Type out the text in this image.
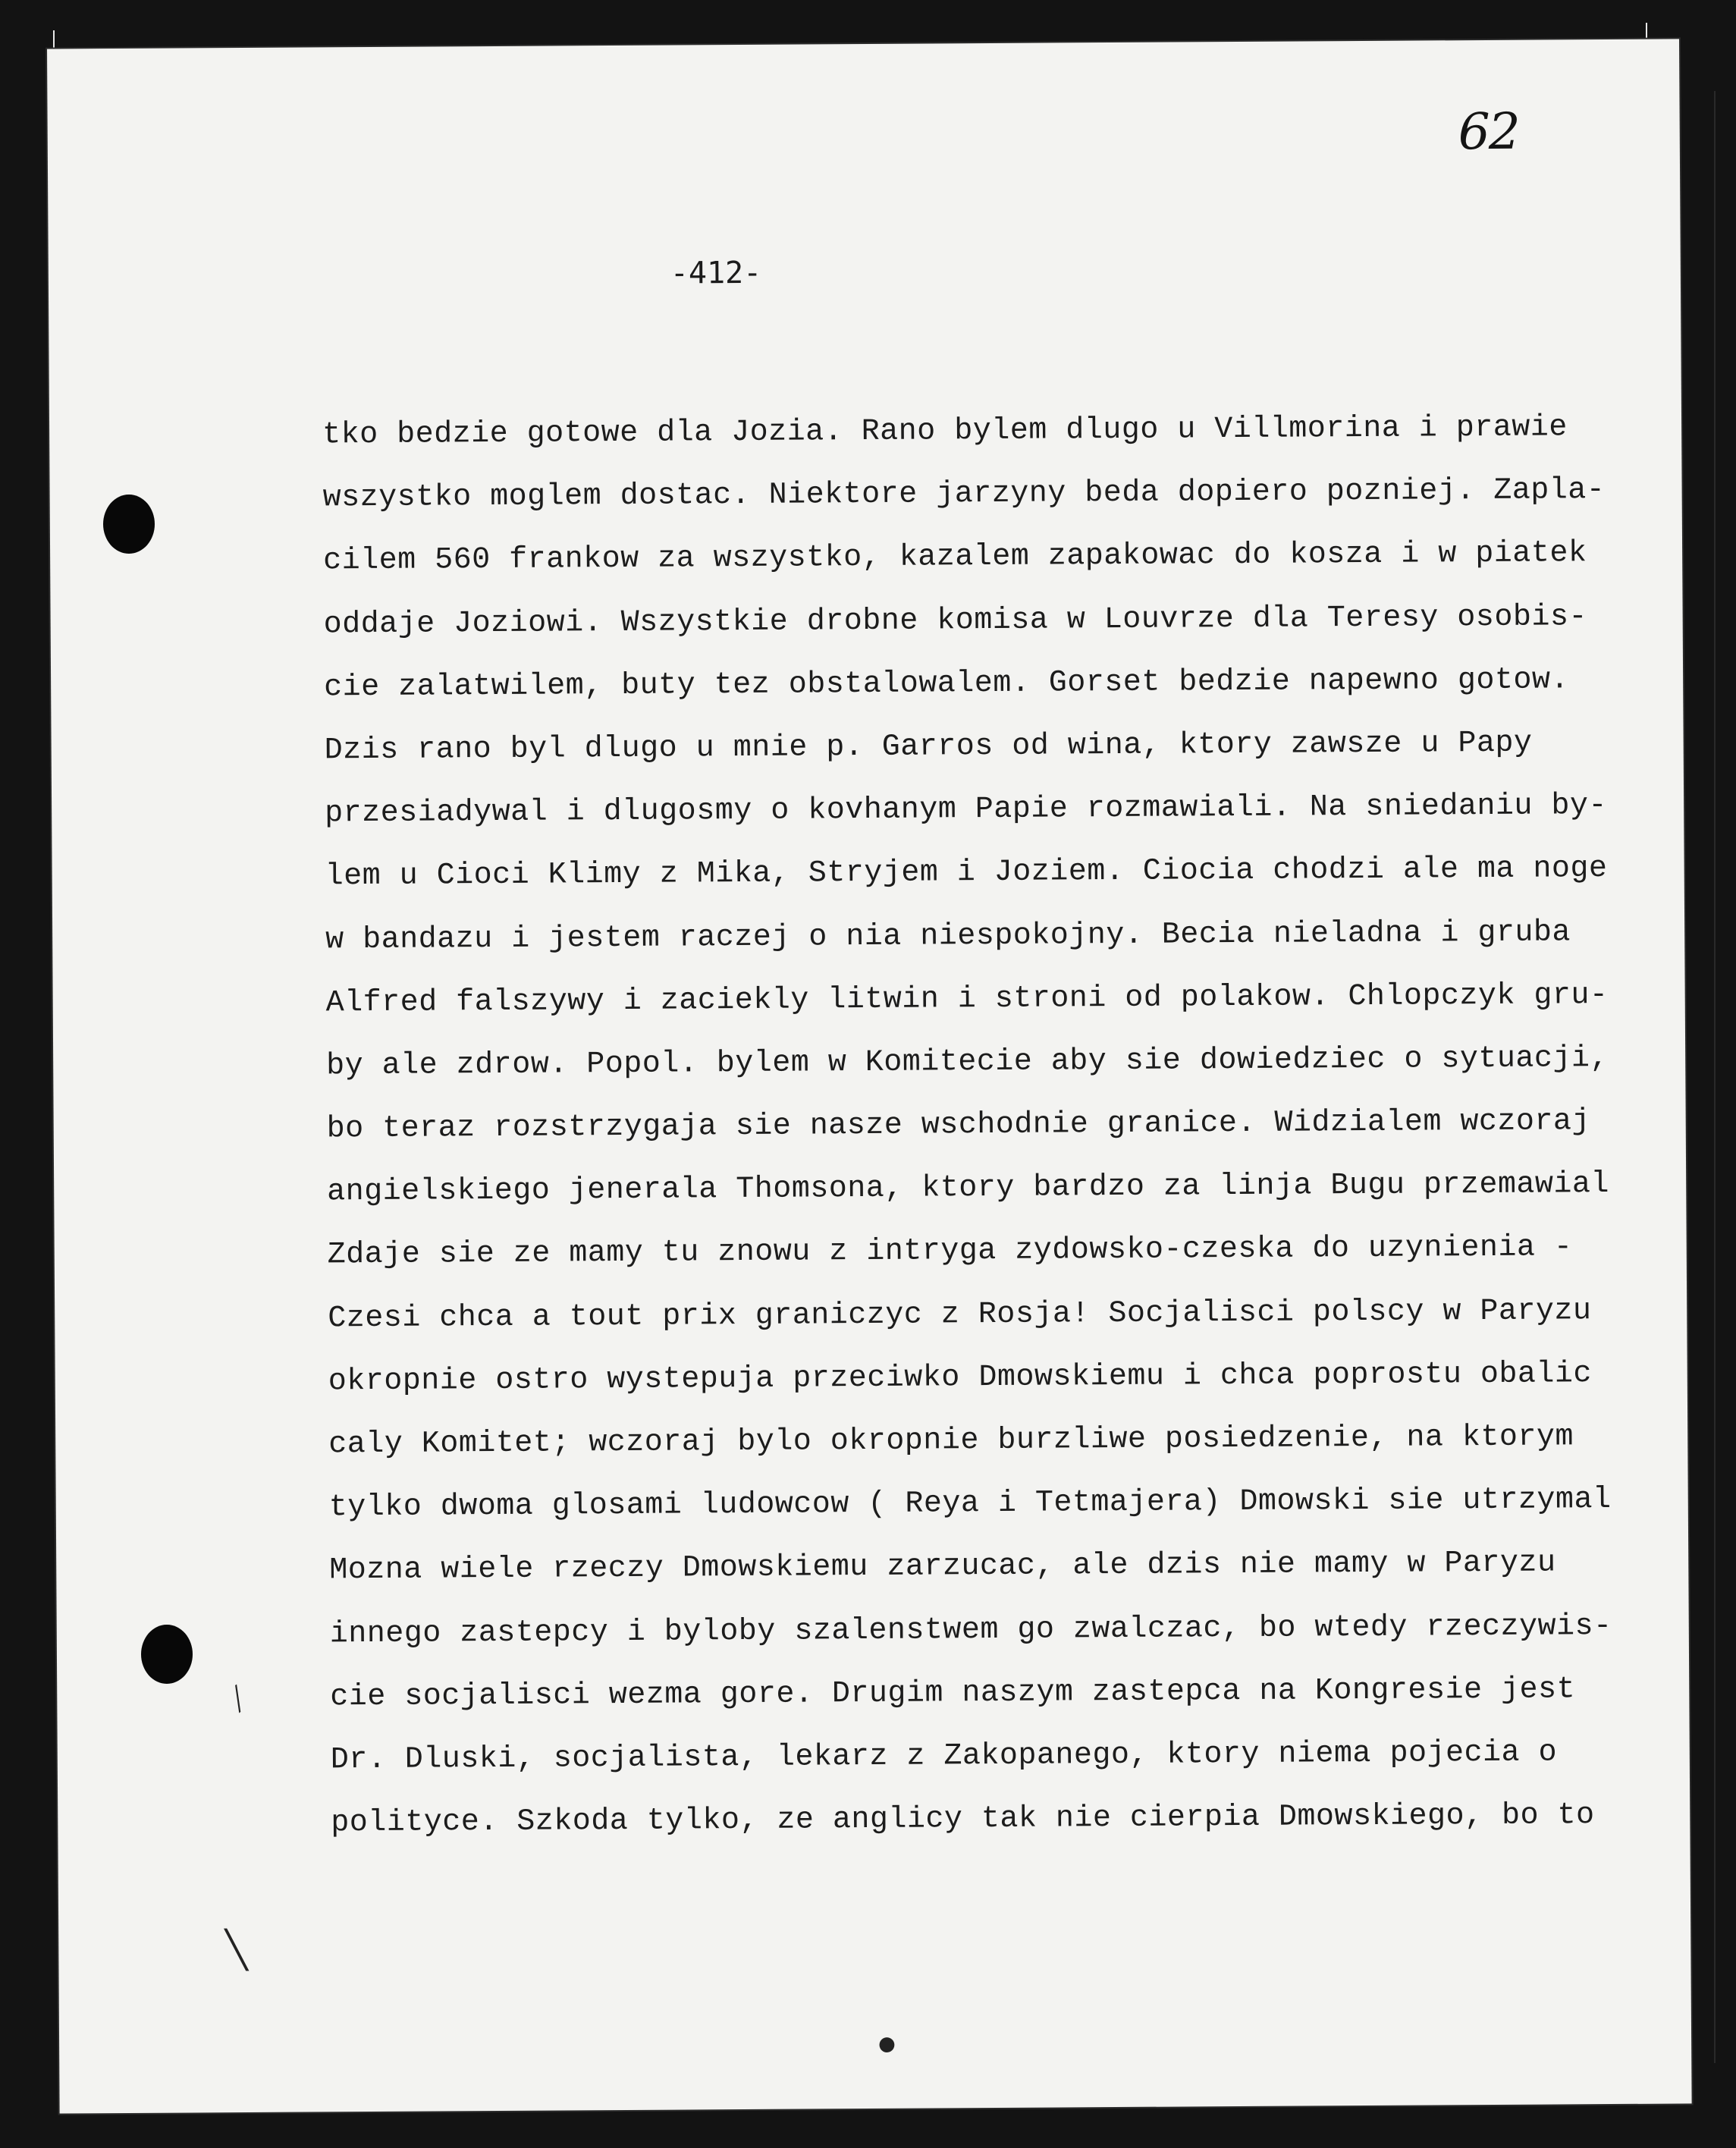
62
-412-
tko bedzie gotowe dla Jozia. Rano bylem dlugo u Villmorina i prawie
wszystko moglem dostac. Niektore jarzyny beda dopiero pozniej. Zapla-
cilem 560 frankow za wszystko, kazalem zapakowac do kosza i w piatek
oddaje Joziowi. Wszystkie drobne komisa w Louvrze dla Teresy osobis-
cie zalatwilem, buty tez obstalowalem. Gorset bedzie napewno gotow.
Dzis rano byl dlugo u mnie p. Garros od wina, ktory zawsze u Papy
przesiadywal i dlugosmy o kovhanym Papie rozmawiali. Na sniedaniu by-
lem u Cioci Klimy z Mika, Stryjem i Joziem. Ciocia chodzi ale ma noge
w bandazu i jestem raczej o nia niespokojny. Becia nieladna i gruba
Alfred falszywy i zaciekly litwin i stroni od polakow. Chlopczyk gru-
by ale zdrow. Popol. bylem w Komitecie aby sie dowiedziec o sytuacji,
bo teraz rozstrzygaja sie nasze wschodnie granice. Widzialem wczoraj
angielskiego jenerala Thomsona, ktory bardzo za linja Bugu przemawial
Zdaje sie ze mamy tu znowu z intryga zydowsko-czeska do uzynienia -
Czesi chca a tout prix graniczyc z Rosja! Socjalisci polscy w Paryzu
okropnie ostro wystepuja przeciwko Dmowskiemu i chca poprostu obalic
caly Komitet; wczoraj bylo okropnie burzliwe posiedzenie, na ktorym
tylko dwoma glosami ludowcow ( Reya i Tetmajera) Dmowski sie utrzymal
Mozna wiele rzeczy Dmowskiemu zarzucac, ale dzis nie mamy w Paryzu
innego zastepcy i byloby szalenstwem go zwalczac, bo wtedy rzeczywis-
cie socjalisci wezma gore. Drugim naszym zastepca na Kongresie jest
Dr. Dluski, socjalista, lekarz z Zakopanego, ktory niema pojecia o
polityce. Szkoda tylko, ze anglicy tak nie cierpia Dmowskiego, bo to
╲
●
╱
